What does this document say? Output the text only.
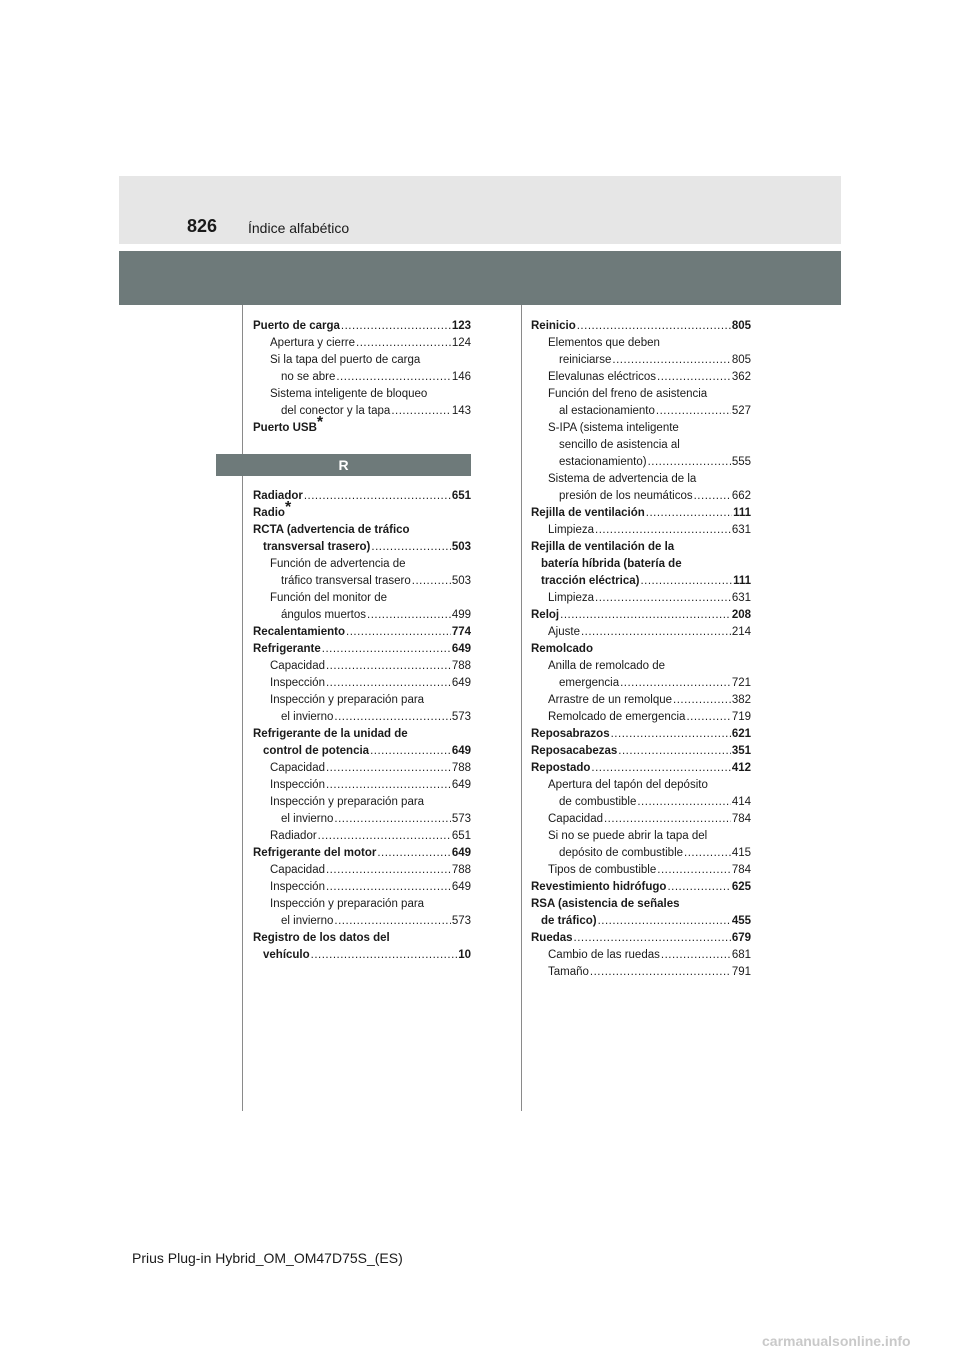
826 Índice alfabético
Puerto de carga .....	123
Apertura y cierre .....	124
Si la tapa del puerto de carga
no se abre .....	146
Sistema inteligente de bloqueo
del conector y la tapa .....	143
Puerto USB*
Radiador .....	651
Radio*
RCTA (advertencia de tráfico
transversal trasero) .....	503
Función de advertencia de
tráfico transversal trasero .....	503
Función del monitor de
ángulos muertos .....	499
Recalentamiento .....	774
Refrigerante .....	649
Capacidad .....	788
Inspección .....	649
Inspección y preparación para
el invierno .....	573
Refrigerante de la unidad de
control de potencia .....	649
Capacidad .....	788
Inspección .....	649
Inspección y preparación para
el invierno .....	573
Radiador .....	651
Refrigerante del motor .....	649
Capacidad .....	788
Inspección .....	649
Inspección y preparación para
el invierno .....	573
Registro de los datos del
vehículo .....	10
R
Reinicio .....	805
Elementos que deben
reiniciarse .....	805
Elevalunas eléctricos .....	362
Función del freno de asistencia
al estacionamiento .....	527
S-IPA (sistema inteligente
sencillo de asistencia al
estacionamiento) .....	555
Sistema de advertencia de la
presión de los neumáticos .....	662
Rejilla de ventilación .....	111
Limpieza .....	631
Rejilla de ventilación de la
batería híbrida (batería de
tracción eléctrica) .....	111
Limpieza .....	631
Reloj .....	208
Ajuste .....	214
Remolcado
Anilla de remolcado de
emergencia .....	721
Arrastre de un remolque .....	382
Remolcado de emergencia .....	719
Reposabrazos .....	621
Reposacabezas .....	351
Repostado .....	412
Apertura del tapón del depósito
de combustible .....	414
Capacidad .....	784
Si no se puede abrir la tapa del
depósito de combustible .....	415
Tipos de combustible .....	784
Revestimiento hidrófugo .....	625
RSA (asistencia de señales
de tráfico) .....	455
Ruedas .....	679
Cambio de las ruedas .....	681
Tamaño .....	791
Prius Plug-in Hybrid_OM_OM47D75S_(ES)
carmanualsonline.info
